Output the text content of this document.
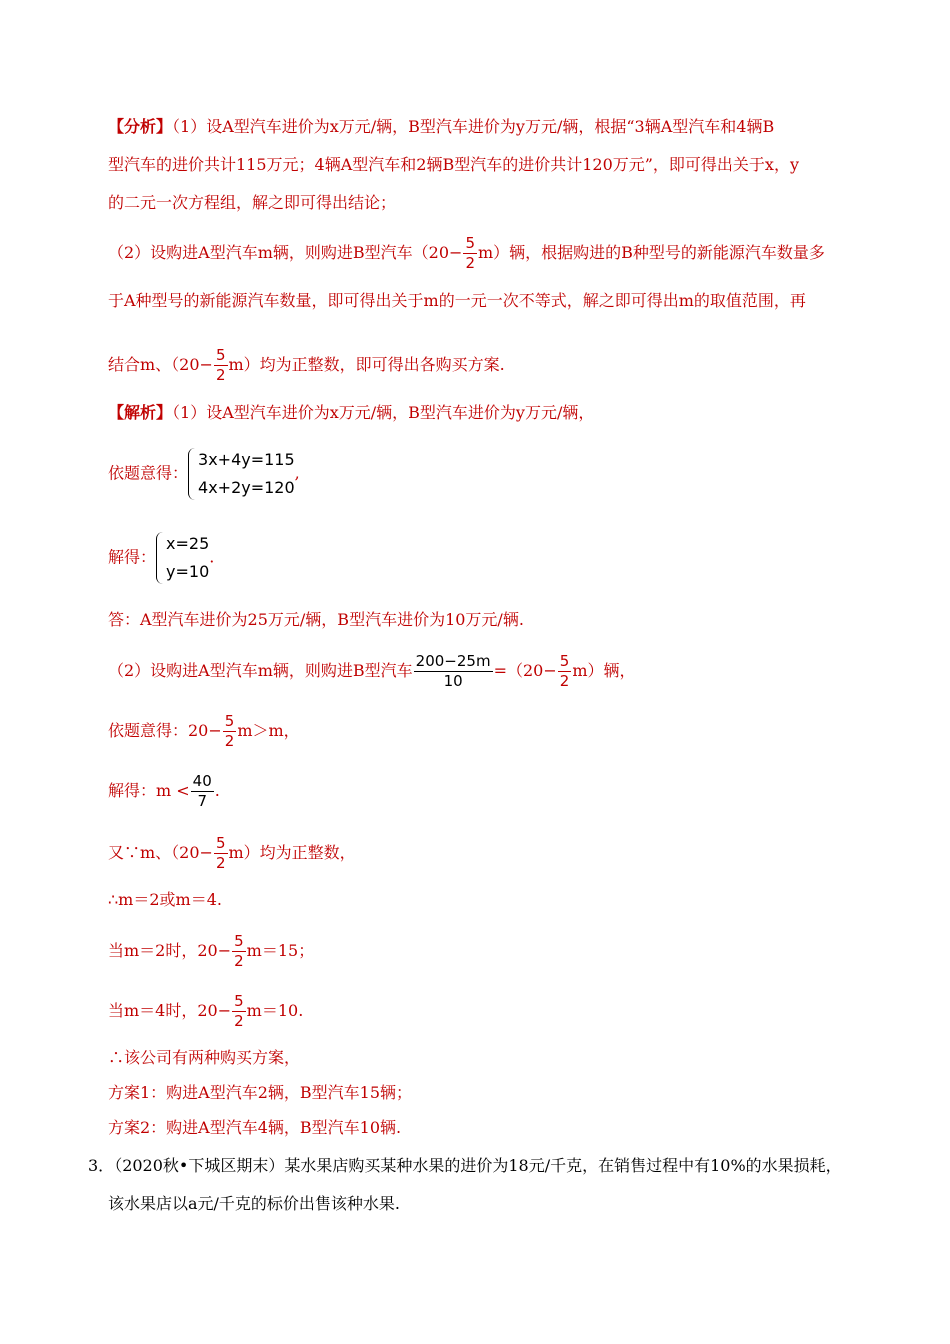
【分析】（1）设A型汽车进价为x万元/辆，B型汽车进价为y万元/辆，根据“3辆A型汽车和4辆B
型汽车的进价共计115万元；4辆A型汽车和2辆B型汽车的进价共计120万元”，即可得出关于x，y
的二元一次方程组，解之即可得出结论；
（2）设购进A型汽车m辆，则购进B型汽车$(20- \frac{5}{2} m)$辆，根据购进的B种型号的新能源汽车数量多
于A种型号的新能源汽车数量，即可得出关于m的一元一次不等式，解之即可得出m的取值范围，再
结合m、$(20- \frac{5}{2} m)$均为正整数，即可得出各购买方案.
【解析】（1）设A型汽车进价为x万元/辆，B型汽车进价为y万元/辆，
依题意得：
3x+4y=115
4x+2y=120
,
解得：
x=25
y=10
.
答：A型汽车进价为25万元/辆，B型汽车进价为10万元/辆.
（2）设购进A型汽车m辆，则购进B型汽车 $\frac{200-25m}{10} =(20- \frac{5}{2} m)$辆，
依题意得：$20- \frac{5}{2} m>m$，
解得：$m < \frac{40}{7}$ .
又∵m、$(20- \frac{5}{2} m)$均为正整数，
∴m＝2或m＝4.
当m＝2时，$20- \frac{5}{2} m=15$；
当m＝4时，$20- \frac{5}{2} m=10$.
∴该公司有两种购买方案，
方案1：购进A型汽车2辆，B型汽车15辆；
方案2：购进A型汽车4辆，B型汽车10辆.
3．（2020秋•下城区期末）某水果店购买某种水果的进价为18元/千克，在销售过程中有10%的水果损耗，
该水果店以a元/千克的标价出售该种水果.
